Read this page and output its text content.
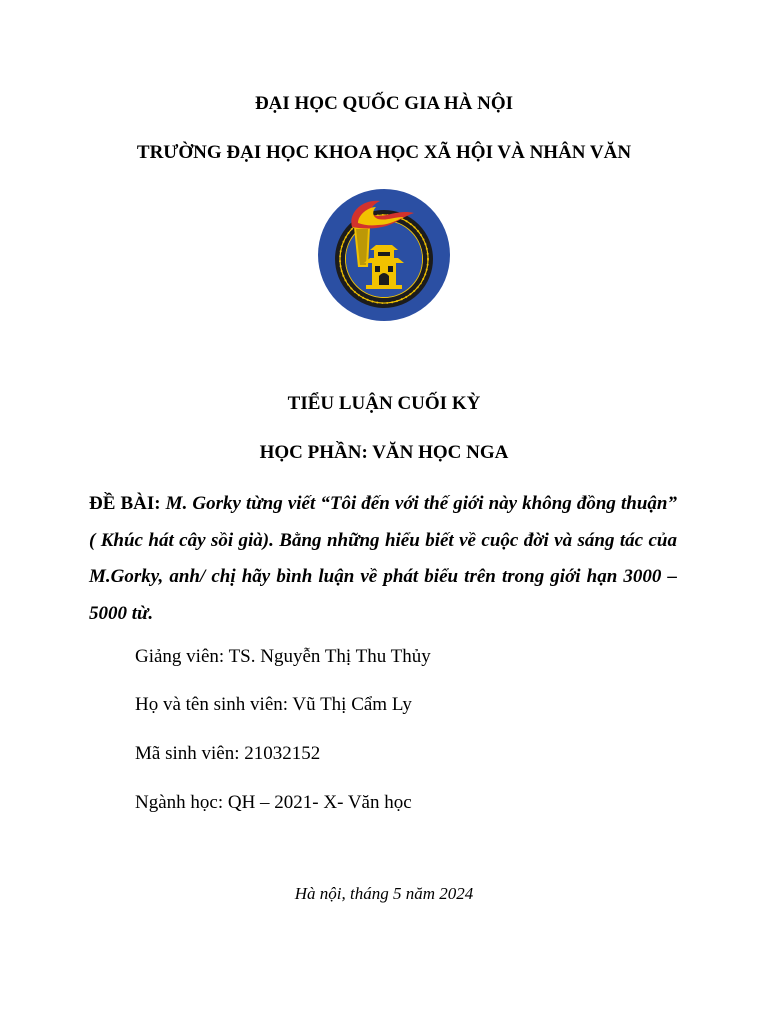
ĐẠI HỌC QUỐC GIA HÀ NỘI
TRƯỜNG ĐẠI HỌC KHOA HỌC XÃ HỘI VÀ NHÂN VĂN
TIỂU LUẬN CUỐI KỲ
HỌC PHẦN: VĂN HỌC NGA
ĐỀ BÀI: M. Gorky từng viết “Tôi đến với thế giới này không đồng thuận” ( Khúc hát cây sồi già). Bằng những hiểu biết về cuộc đời và sáng tác của M.Gorky, anh/ chị hãy bình luận về phát biểu trên trong giới hạn 3000 – 5000 từ.
Giảng viên: TS. Nguyễn Thị Thu Thủy
Họ và tên sinh viên: Vũ Thị Cẩm Ly
Mã sinh viên: 21032152
Ngành học: QH – 2021- X- Văn học
Hà nội, tháng 5 năm 2024
